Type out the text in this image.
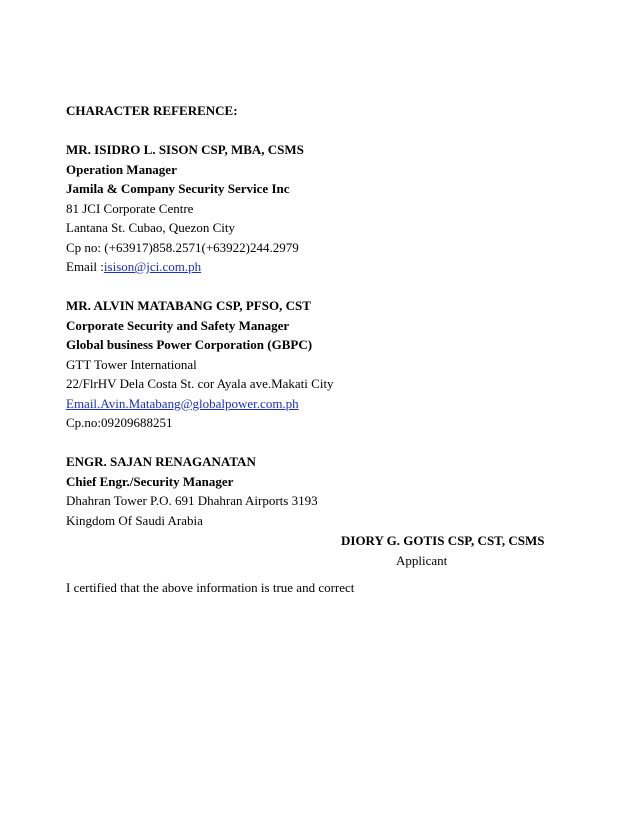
CHARACTER REFERENCE:
MR. ISIDRO L. SISON CSP, MBA, CSMS
Operation Manager
Jamila & Company Security Service Inc
81 JCI Corporate Centre
Lantana St. Cubao, Quezon City
Cp no: (+63917)858.2571(+63922)244.2979
Email :isison@jci.com.ph
MR. ALVIN MATABANG CSP, PFSO, CST
Corporate Security and Safety Manager
Global business Power Corporation (GBPC)
GTT Tower International
22/FlrHV Dela Costa St. cor Ayala ave.Makati City
Email.Avin.Matabang@globalpower.com.ph
Cp.no:09209688251
ENGR. SAJAN RENAGANATAN
Chief Engr./Security Manager
Dhahran Tower P.O. 691 Dhahran Airports 3193
Kingdom Of Saudi Arabia
I certified that the above information is true and correct
DIORY G. GOTIS CSP, CST, CSMS
Applicant
